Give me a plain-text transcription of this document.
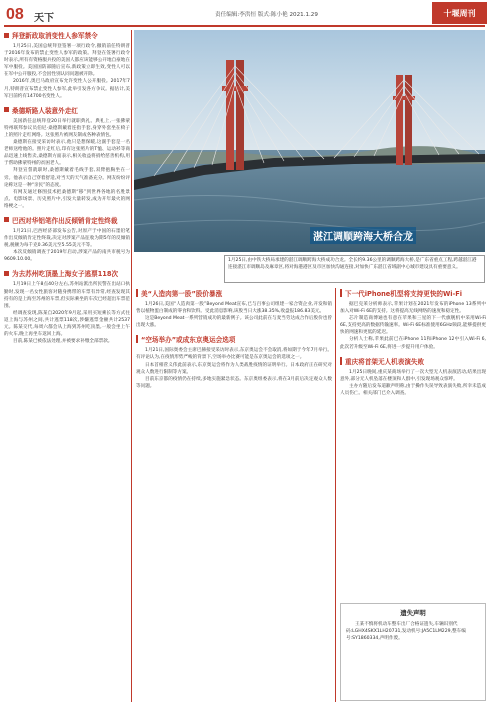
08 天下	责任编辑:李洪恒 版式:陈小艳 2021.1.29	十堰周刊
拜登新政取消变性人参军禁令

1月25日,美国总统拜登签署一项行政令,撤销前任特朗普于2016年发布的禁止变性人参军的政策。拜登在签署行政令时表示,所有有资格服兵役的美国人都应该能够公开地自豪地在军中服役。美国国防部随后宣布,新政策立即生效,变性人可以在军中公开服役,不会因性别认同问题被开除。

2016年,奥巴马政府宣布允许变性人公开服役。2017年7月,特朗普宣布禁止变性人参军,此举引发各方争议。据估计,美军目前约有14700名变性人。

桑德斯路人装意外走红

美国新任总统拜登20日举行就职典礼。典礼上,一张佛蒙特州联邦参议员伯尼·桑德斯戴着连指手套,身穿外套坐在椅子上的照片走红网络。这张照片被网友制成各种表情包。

桑德斯在接受采访时表示,他只是想保暖,这副手套是一名老师送给他的。照片走红后,印有这张照片的T恤、运动衫等商品迅速上线售卖,桑德斯方面表示,相关收益将捐给慈善机构,用于帮助佛蒙特州的贫困老人。

拜登宣誓就职时,桑德斯戴着毛线手套,双臂抱胸坐在一旁。他表示自己穿着舒适,对当天的天气准备充分。网友纷纷评论称这是一种“亲民”的态度。

有网友通过修图技术把桑德斯“移”到世界各地的名胜景点、电影场景、历史照片中,引发大量转发,成为开年最火的网络梗之一。

巴西对华铝笔作出反倾销肯定性终裁

1月21日,巴西经济部发布公告,对原产于中国的石墨铅笔作出反倾销肯定性终裁,决定对涉案产品征收为期5年的反倾销税,税额为每千克0.36美元至5.55美元不等。

本次反倾销调查于2019年启动,涉案产品的南共市税号为9609.10.00。

为去苏州吃顶墨上海女子逃票118次

1月19日上午8点40分左右,苏州站派出所民警在出站口执勤时,发现一名女性旅客对随身携带的车票有异常,经查发现其持有的是上海至苏州的车票,但实际乘坐的车次已经超出车票范围。

经调查发现,陈某自2020年9月起,采用买短乘长等方式往返上海与苏州之间,共计逃票118次,涉嫌逃票金额共计2537元。陈某交代,每周六都会从上海到苏州吃顶墨,一般会坐上午的火车,晚上再坐车返回上海。

目前,陈某已被依法处理,并被要求补缴全部票款。

湛江调顺跨海大桥合龙
1月25日,由中铁大桥局承建的湛江调顺跨海大桥成功合龙。全长约9.36公里的调顺跨海大桥,是广东省重点工程,跨越湛江港连接湛江市调顺岛及麻章区,将对海港港区及市区加快沟通连接,对加快广东湛江省域副中心城市建设具有重要意义。
美“人造肉第一股”股价暴涨

1月26日,美国“人造肉第一股”Beyond Meat宣布,已与百事公司组建一家合资企业,开发和销售以植物蛋白制成的零食和饮料。受此消息影响,该股当日大涨38.35%,收盘报186.83美元。

这是Beyond Meat一系列营销成功的最新例子。该公司此前在与麦当劳达成合作后股价也曾出现大涨。

“空场举办”或成东京奥运会选项

1月21日,国际奥委会主席巴赫接受采访时表示,东京奥运会不会取消,将如期于今年7月举行。有评论认为,在疫情形势严峻的背景下,空场举办比赛可能是东京奥运会的选项之一。

日本首相菅义伟此前表示,东京奥运会将作为人类战胜疫情的证明举行。日本政府正在研究对观众人数进行限制等方案。

目前东京都的疫情仍在持续,多地实施紧急状态。东京奥组委表示,将在3月前后决定观众人数等问题。

下一代iPhone机型将支持更快的Wi-Fi

据巴克莱分析师表示,苹果计划在2021年发布的iPhone 13系列中加入对Wi-Fi 6E的支持。这将提高无线网络的速度和稳定性。

芯片制造商博通也有意在苹果和三星的下一代旗舰机中采用Wi-Fi 6E,支持更高的数据传输速率。Wi-Fi 6E标准使用6GHz频段,能够提供更快的网速和更低的延迟。

分析人士称,苹果此前已在iPhone 11和iPhone 12中引入Wi-Fi 6,此次若升级至Wi-Fi 6E,将进一步提升用户体验。

重庆将首架无人机表演失败

1月25日晚间,重庆某商场举行了一次大型无人机表演活动,结果出现意外,部分无人机坠落在楼顶和人群中,引发现场观众惊呼。

主办方随后发布道歉声明称,由于操作失误导致表演失败,所幸未造成人员伤亡。相关部门已介入调查。

遗失声明

王某不慎将机动车整车出厂合格证遗失,车辆识别代码:LGHX4SKX1LH20731,发动机号:JA5C1LM229,整车编号:SY1860334,声明作废。
